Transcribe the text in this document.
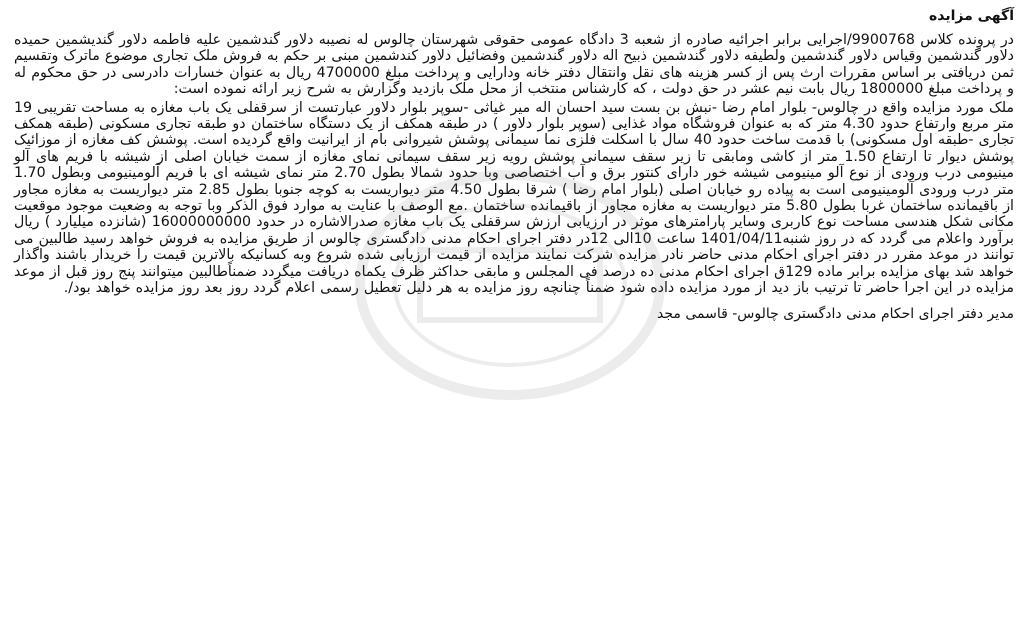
آگهی مزایده
در پرونده کلاس 9900768/اجرایی برابر اجرائیه صادره از شعبه 3 دادگاه عمومی حقوقی شهرستان چالوس له نصیبه دلاور گندشمین علیه فاطمه دلاور گندیشمین حمیده دلاور گندشمین وقیاس دلاور گندشمین ولطیفه دلاور گندشمین ذبیح اله دلاور گندشمین وفضائیل دلاور کندشمین مبنی بر حکم به فروش ملک تجاری موضوع ماترک وتقسیم ثمن دریافتی بر اساس مقررات ارث پس از کسر هزینه های نقل وانتقال دفتر خانه ودارایی و پرداخت مبلغ 4700000 ریال به عنوان خسارات دادرسی در حق محکوم له و پرداخت مبلغ 1800000 ریال بابت نیم عشر در حق دولت ، که کارشناس منتخب از محل ملک بازدید وگزارش به شرح زیر ارائه نموده است:
ملک مورد مزایده واقع در چالوس- بلوار امام رضا -نبش بن بست سید احسان اله میر غیاثی -سوپر بلوار دلاور عبارتست از سرقفلی یک باب مغازه به مساحت تقریبی 19 متر مربع وارتفاع حدود 4.30 متر که به عنوان فروشگاه مواد غذایی (سوپر بلوار دلاور ) در طبقه همکف از یک دستگاه ساختمان دو طبقه تجاری مسکونی (طبقه همکف تجاری -طبقه اول مسکونی) با قدمت ساخت حدود 40 سال با اسکلت فلزی نما سیمانی پوشش شیروانی بام از ایرانیت واقع گردیده است. پوشش کف مغازه از موزائیک پوشش دیوار تا ارتفاع 1.50 متر از کاشی ومابقی تا زیر سقف سیمانی پوشش رویه زیر سقف سیمانی نمای مغازه از سمت خیابان اصلی از شیشه با فریم های آلو مینیومی درب ورودی از نوع آلو مینیومی شیشه خور دارای کنتور برق و آب اختصاصی وبا حدود شمالا بطول 2.70 متر نمای شیشه ای با فریم آلومینیومی وبطول 1.70 متر درب ورودی آلومینیومی است به پیاده رو خیابان اصلی (بلوار امام رضا ) شرقا بطول 4.50 متر دیواریست به کوچه جنوبا بطول 2.85 متر دیواریست به مغازه مجاور از باقیمانده ساختمان غربا بطول 5.80 متر دیواریست به مغازه مجاور از باقیمانده ساختمان .مع الوصف با عنایت به موارد فوق الذکر وبا توجه به وضعیت موجود موقعیت مکانی شکل هندسی مساحت نوع کاربری وسایر پارامترهای موثر در ارزیابی ارزش سرقفلی یک باب مغازه صدرالاشاره در حدود 16000000000 (شانزده میلیارد ) ریال برآورد واعلام می گردد که در روز شنبه1401/04/11 ساعت 10الی 12در دفتر اجرای احکام مدنی دادگستری چالوس از طریق مزایده به فروش خواهد رسید طالبین می توانند در موعد مقرر در دفتر اجرای احکام مدنی حاضر نادر مزایده شرکت نمایند مزایده از قیمت ارزیابی شده شروع وبه کسانیکه بالاترین قیمت را خریدار باشند واگذار خواهد شد بهای مزایده برابر ماده 129ق اجرای احکام مدنی ده درصد فی المجلس و مابقی حداکثر ظرف یکماه دریافت میگردد ضمناًطالبین میتوانند پنج روز قبل از موعد مزایده در این اجرا حاضر تا ترتیب باز دید از مورد مزایده داده شود ضمناً چنانچه روز مزایده به هر دلیل تعطیل رسمی اعلام گردد روز بعد روز مزایده خواهد بود/.
مدیر دفتر اجرای احکام مدنی دادگستری چالوس- قاسمی مجد
